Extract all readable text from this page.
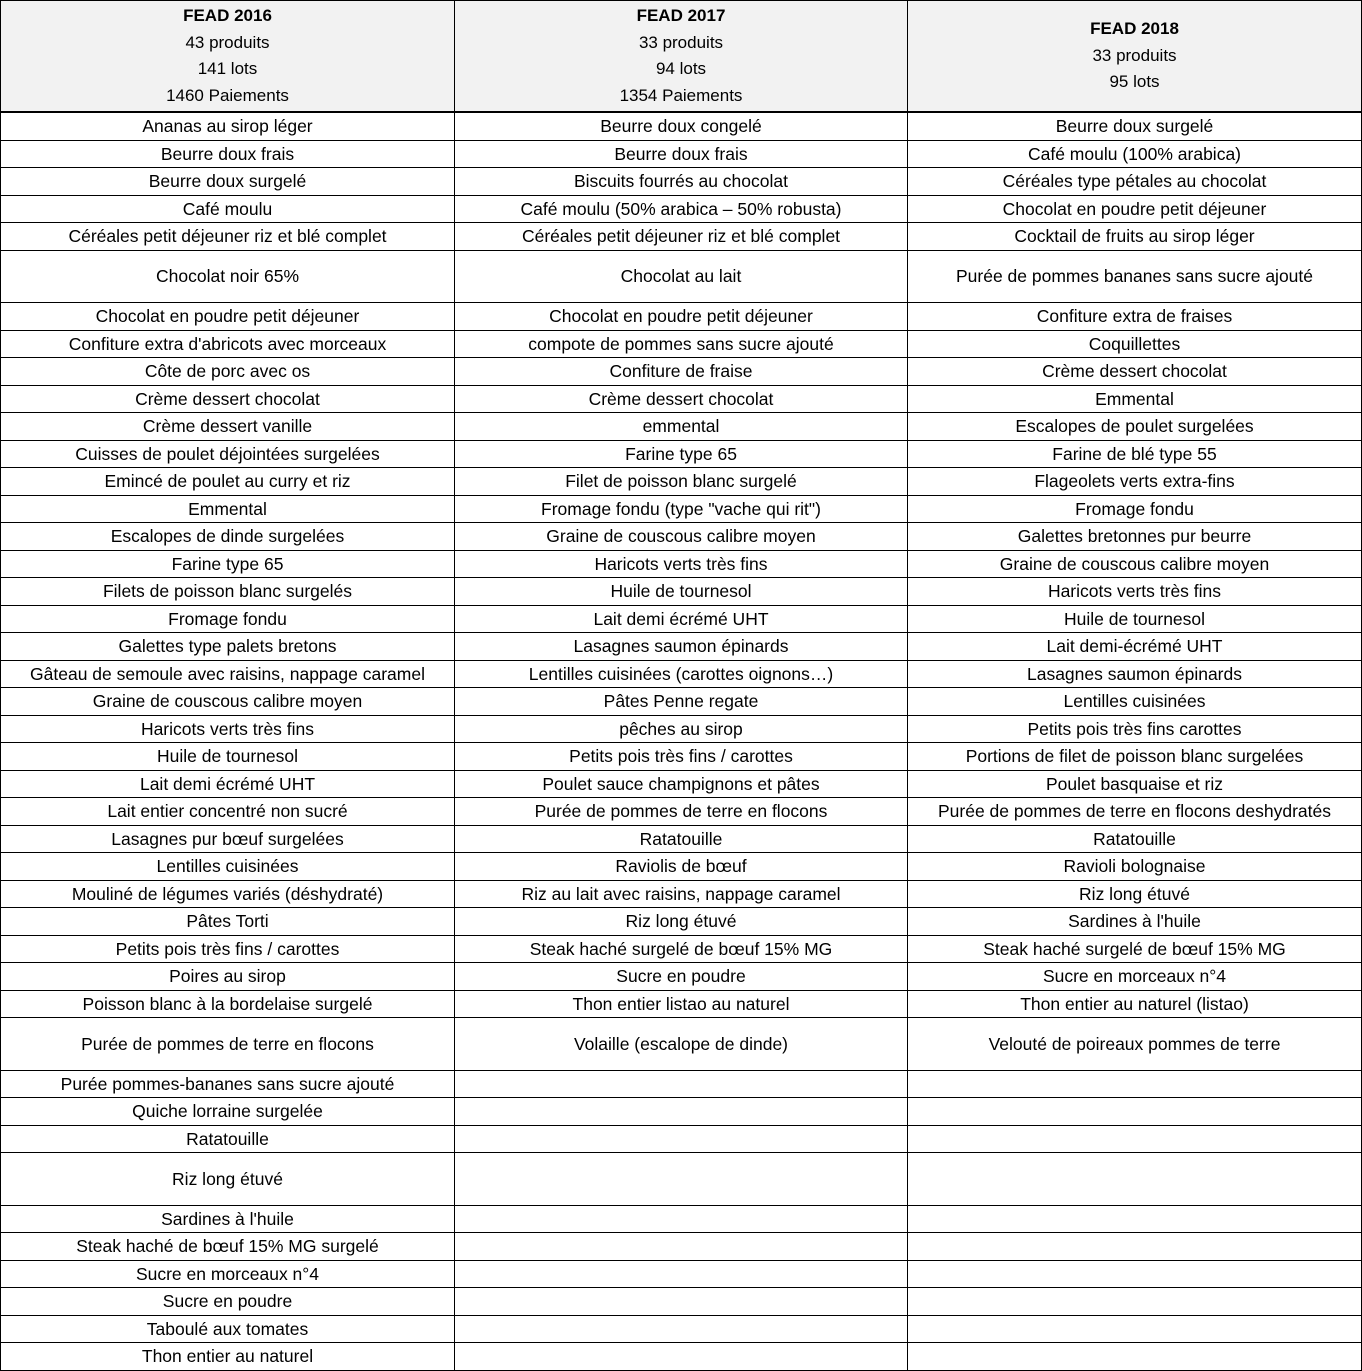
FEAD 2016
43 produits
141 lots
1460 Paiements	FEAD 2017
33 produits
94 lots
1354 Paiements	FEAD 2018
33 produits
95 lots

Ananas au sirop léger	Beurre doux congelé	Beurre doux surgelé
Beurre doux frais	Beurre doux frais	Café moulu (100% arabica)
Beurre doux surgelé	Biscuits fourrés au chocolat	Céréales type pétales au chocolat
Café moulu	Café moulu (50% arabica – 50% robusta)	Chocolat en poudre petit déjeuner
Céréales petit déjeuner riz et blé complet	Céréales petit déjeuner riz et blé complet	Cocktail de fruits au sirop léger
Chocolat noir 65%	Chocolat au lait	Purée de pommes bananes sans sucre ajouté
Chocolat en poudre petit déjeuner	Chocolat en poudre petit déjeuner	Confiture extra de fraises
Confiture extra d'abricots avec morceaux	compote de pommes sans sucre ajouté	Coquillettes
Côte de porc avec os	Confiture de fraise	Crème dessert chocolat
Crème dessert chocolat	Crème dessert chocolat	Emmental
Crème dessert vanille	emmental	Escalopes de poulet surgelées
Cuisses de poulet déjointées surgelées	Farine type 65	Farine de blé type 55
Emincé de poulet au curry et riz	Filet de poisson blanc surgelé	Flageolets verts extra-fins
Emmental	Fromage fondu (type "vache qui rit")	Fromage fondu
Escalopes de dinde surgelées	Graine de couscous calibre moyen	Galettes bretonnes pur beurre
Farine type 65	Haricots verts très fins	Graine de couscous calibre moyen
Filets de poisson blanc surgelés	Huile de tournesol	Haricots verts très fins
Fromage fondu	Lait demi écrémé UHT	Huile de tournesol
Galettes type palets bretons	Lasagnes saumon épinards	Lait demi-écrémé UHT
Gâteau de semoule avec raisins, nappage caramel	Lentilles cuisinées (carottes oignons…)	Lasagnes saumon épinards
Graine de couscous calibre moyen	Pâtes Penne regate	Lentilles cuisinées
Haricots verts très fins	pêches au sirop	Petits pois très fins carottes
Huile de tournesol	Petits pois très fins / carottes	Portions de filet de poisson blanc surgelées
Lait demi écrémé UHT	Poulet sauce champignons et pâtes	Poulet basquaise et riz
Lait entier concentré non sucré	Purée de pommes de terre en flocons	Purée de pommes de terre en flocons deshydratés
Lasagnes pur bœuf surgelées	Ratatouille	Ratatouille
Lentilles cuisinées	Raviolis de bœuf	Ravioli bolognaise
Mouliné de légumes variés (déshydraté)	Riz au lait avec raisins, nappage caramel	Riz long étuvé
Pâtes Torti	Riz long étuvé	Sardines à l'huile
Petits pois très fins / carottes	Steak haché surgelé de bœuf 15% MG	Steak haché surgelé de bœuf 15% MG
Poires au sirop	Sucre en poudre	Sucre en morceaux n°4
Poisson blanc à la bordelaise surgelé	Thon entier listao au naturel	Thon entier au naturel (listao)
Purée de pommes de terre en flocons	Volaille (escalope de dinde)	Velouté de poireaux pommes de terre
Purée pommes-bananes sans sucre ajouté		
Quiche lorraine surgelée		
Ratatouille		
Riz long étuvé		
Sardines à l'huile		
Steak haché de bœuf 15% MG surgelé		
Sucre en morceaux n°4		
Sucre en poudre		
Taboulé aux tomates		
Thon entier au naturel		
